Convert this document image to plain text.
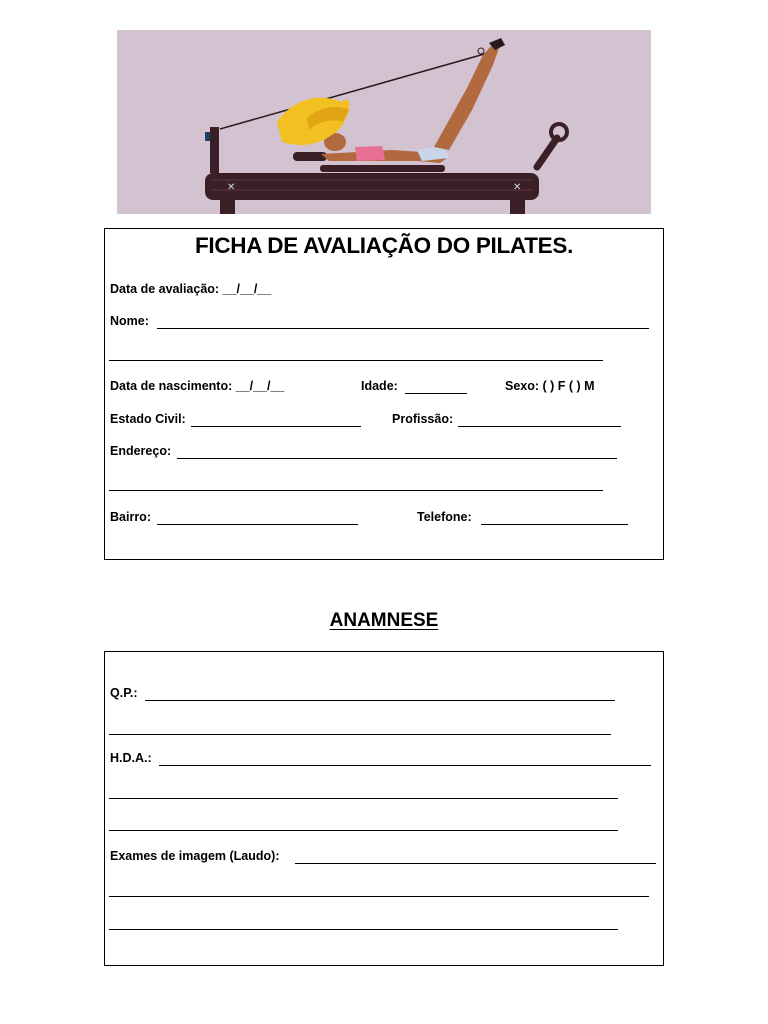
✕	✕
FICHA DE AVALIAÇÃO DO PILATES.
Data de avaliação: __/__/__
Nome:
Data de nascimento: __/__/__	Idade:	Sexo: ( ) F ( ) M
Estado Civil:	Profissão:
Endereço:
Bairro:	Telefone:
ANAMNESE
Q.P.:
H.D.A.:
Exames de imagem (Laudo):
